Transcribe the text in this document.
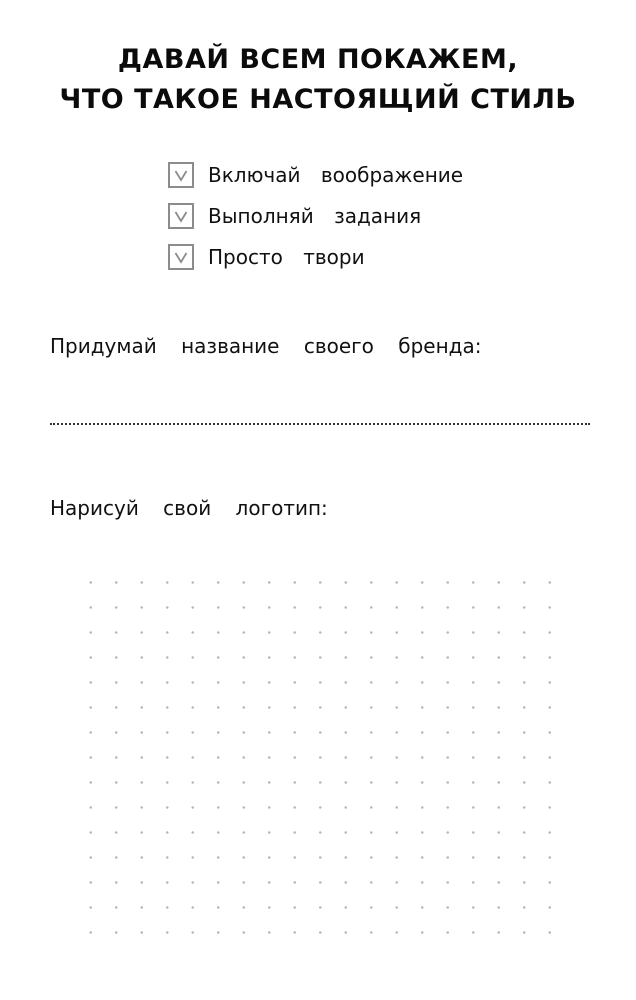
ДАВАЙ ВСЕМ ПОКАЖЕМ,
ЧТО ТАКОЕ НАСТОЯЩИЙ СТИЛЬ
Включай воображение
Выполняй задания
Просто твори
Придумай название своего бренда:
Нарисуй свой логотип:
